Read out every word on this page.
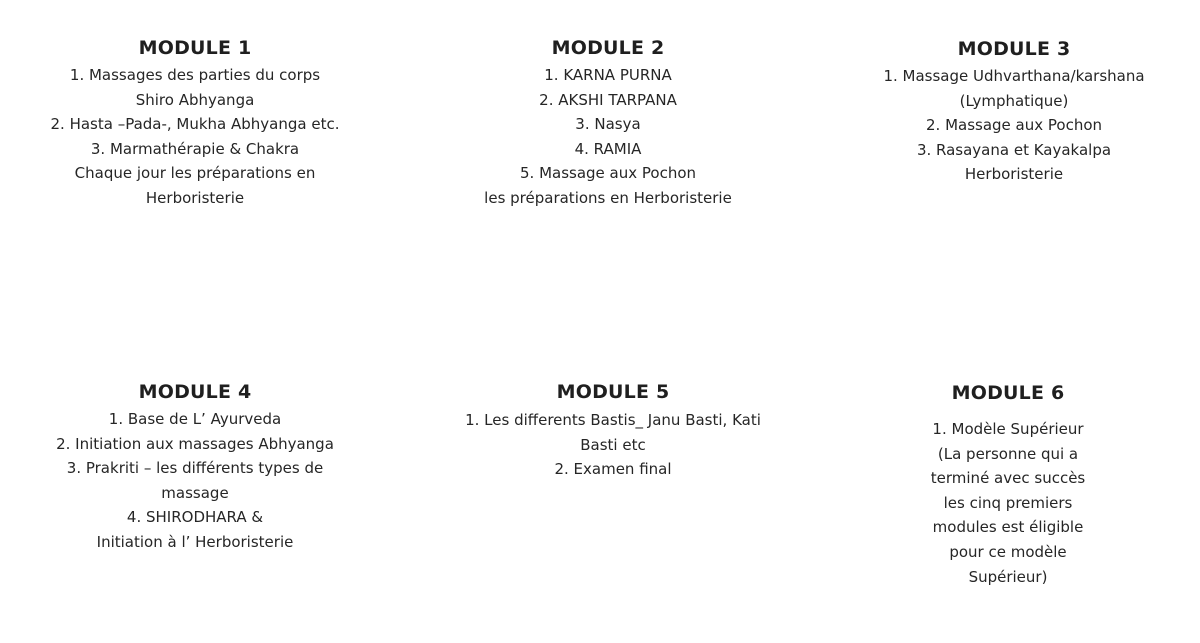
MODULE 1
1. Massages des parties du corps
Shiro Abhyanga
2. Hasta –Pada-, Mukha Abhyanga etc.
3. Marmathérapie & Chakra
Chaque jour les préparations en
Herboristerie
MODULE 2
1. KARNA PURNA
2. AKSHI TARPANA
3. Nasya
4. RAMIA
5. Massage aux Pochon
les préparations en Herboristerie
MODULE 3
1. Massage Udhvarthana/karshana
(Lymphatique)
2. Massage aux Pochon
3. Rasayana et Kayakalpa
Herboristerie
MODULE 4
1. Base de L’ Ayurveda
2. Initiation aux massages Abhyanga
3. Prakriti – les différents types de
massage
4. SHIRODHARA &
Initiation à l’ Herboristerie
MODULE 5
1. Les differents Bastis_ Janu Basti, Kati
Basti etc
2. Examen final
MODULE 6
1. Modèle Supérieur
(La personne qui a
terminé avec succès
les cinq premiers
modules est éligible
pour ce modèle
Supérieur)
